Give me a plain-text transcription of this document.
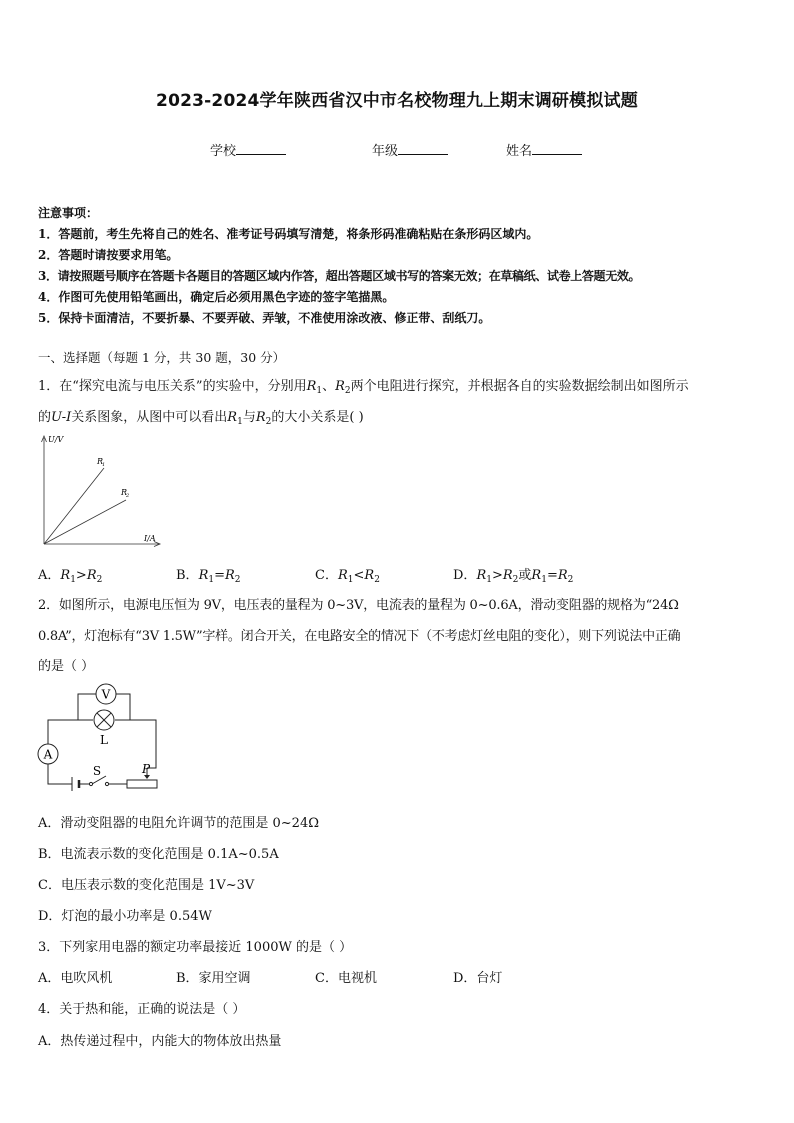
2023-2024学年陕西省汉中市名校物理九上期末调研模拟试题
学校	年级	姓名
注意事项：
1．答题前，考生先将自己的姓名、准考证号码填写清楚，将条形码准确粘贴在条形码区域内。
2．答题时请按要求用笔。
3．请按照题号顺序在答题卡各题目的答题区域内作答，超出答题区域书写的答案无效；在草稿纸、试卷上答题无效。
4．作图可先使用铅笔画出，确定后必须用黑色字迹的签字笔描黑。
5．保持卡面清洁，不要折暴、不要弄破、弄皱，不准使用涂改液、修正带、刮纸刀。
一、选择题（每题 1 分，共 30 题，30 分）
1．在“探究电流与电压关系”的实验中，分别用$R_1$、$R_2$两个电阻进行探究，并根据各自的实验数据绘制出如图所示
的U-I关系图象，从图中可以看出$R_1$与$R_2$的大小关系是( )
U/V
I/A
R
1
R
2
A．$R_1>R_2$	B．$R_1=R_2$	C．$R_1<R_2$	D．$R_1>R_2$或$R_1=R_2$
2．如图所示，电源电压恒为 9V，电压表的量程为 0~3V，电流表的量程为 0~0.6A，滑动变阻器的规格为“24Ω
0.8A”，灯泡标有“3V 1.5W”字样。闭合开关，在电路安全的情况下（不考虑灯丝电阻的变化），则下列说法中正确
的是（ ）
V
A
L
S	P
A．滑动变阻器的电阻允许调节的范围是 0~24Ω
B．电流表示数的变化范围是 0.1A~0.5A
C．电压表示数的变化范围是 1V~3V
D．灯泡的最小功率是 0.54W
3．下列家用电器的额定功率最接近 1000W 的是（ ）
A．电吹风机	B．家用空调	C．电视机	D．台灯
4．关于热和能，正确的说法是（ ）
A．热传递过程中，内能大的物体放出热量
